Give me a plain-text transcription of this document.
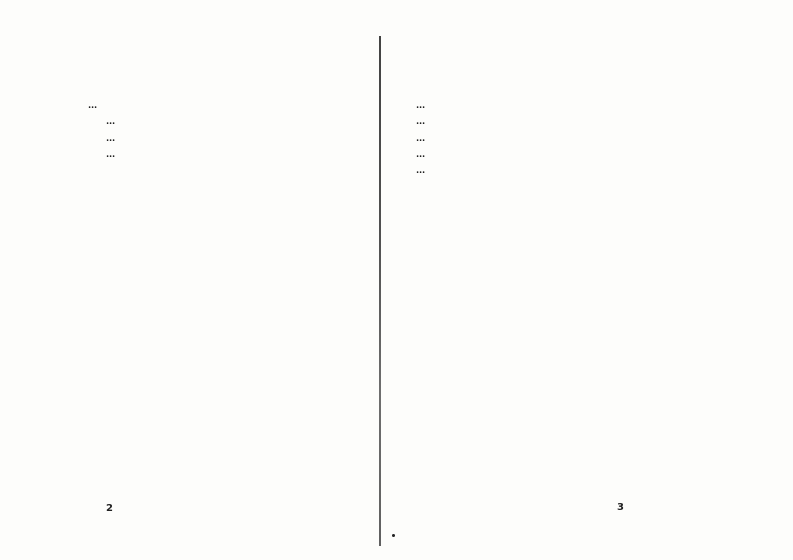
…

…

…

…

…

…

…

…

…

2	3
